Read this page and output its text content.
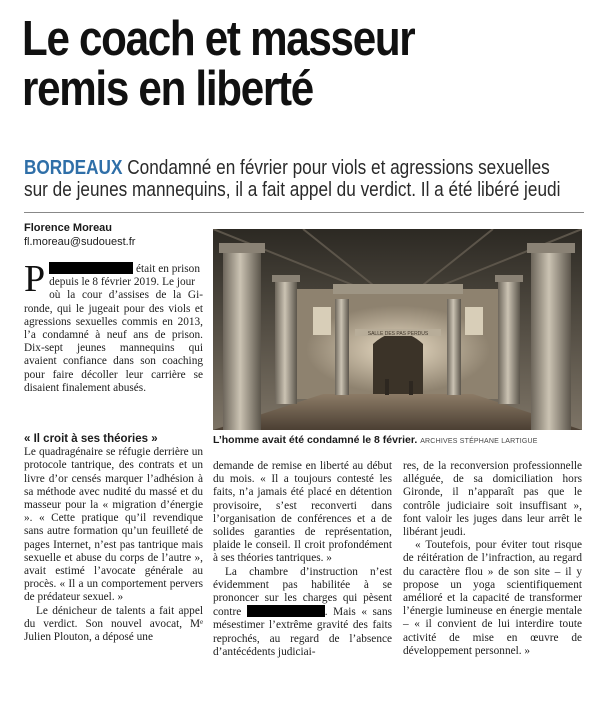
Le coach et masseur
remis en liberté
BORDEAUX Condamné en février pour viols et agressions sexuelles
sur de jeunes mannequins, il a fait appel du verdict. Il a été libéré jeudi
Florence Moreau
fl.moreau@sudouest.fr
P	était en prison
depuis le 8 février 2019. Le jour
où la cour d’assises de la Gi- ronde, qui le jugeait pour des viols et agressions sexuelles commis en 2013, l’a condamné à neuf ans de prison. Dix-sept jeunes mannequins qui avaient confiance dans son coaching pour faire décoller leur carrière se disaient finalement abusés.
SALLE DES PAS PERDUS
L’homme avait été condamné le 8 février. ARCHIVES STÉPHANE LARTIGUE

« Il croit à ses théories »

Le quadragénaire se réfugie derrière un protocole tantrique, des contrats et un livre d’or censés marquer l’adhésion à sa méthode avec nudité du massé et du masseur pour la « migration d’énergie ». « Cette pratique qu’il revendique sans autre formation qu’un feuilleté de pages Internet, n’est pas tantrique mais sexuelle et abuse du corps de l’autre », avait estimé l’avocate générale au procès. « Il a un comportement pervers de prédateur sexuel. »

Le dénicheur de talents a fait appel du verdict. Son nouvel avocat, Mᵉ Julien Plouton, a déposé une

demande de remise en liberté au début du mois. « Il a toujours contesté les faits, n’a jamais été placé en détention provisoire, s’est reconverti dans l’organisation de conférences et a de solides garanties de représentation, plaide le conseil. Il croit profondément à ses théories tantriques. »

La chambre d’instruction n’est évidemment pas habilitée à se prononcer sur les charges qui pèsent contre	. Mais « sans mésestimer l’extrême gravité des faits reprochés, au regard de l’absence d’antécédents judiciai-

res, de la reconversion professionnelle alléguée, de sa domiciliation hors Gironde, il n’apparaît pas que le contrôle judiciaire soit insuffisant », font valoir les juges dans leur arrêt le libérant jeudi.

« Toutefois, pour éviter tout risque de réitération de l’infraction, au regard du caractère flou » de son site – il y propose un yoga scientifiquement amélioré et la capacité de transformer l’énergie lumineuse en énergie mentale – « il convient de lui interdire toute activité de mise en œuvre de développement personnel. »
